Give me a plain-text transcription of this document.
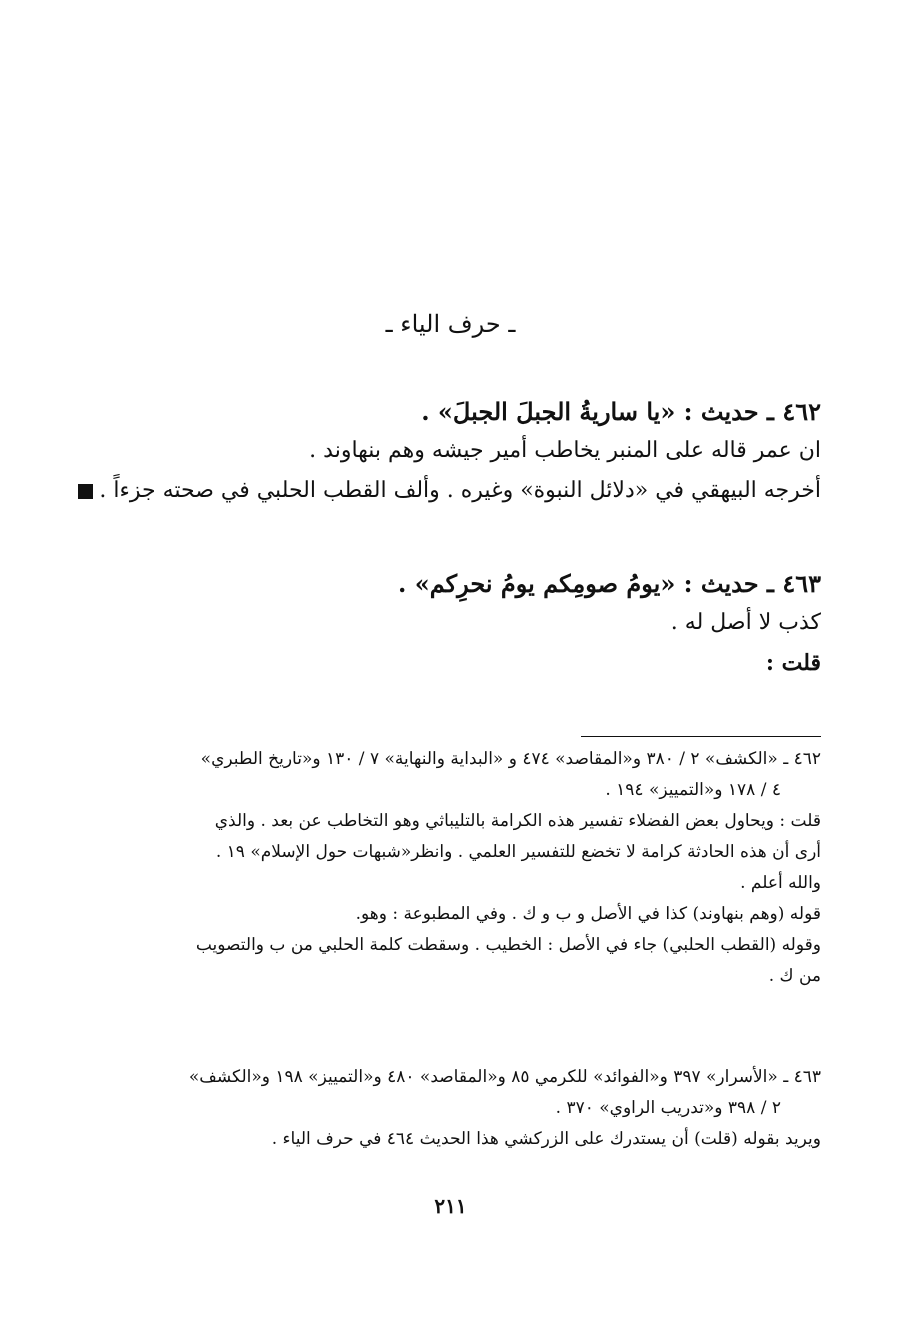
ـ حرف الياء ـ
٤٦٢ ـ حديث : «يا ساريةُ الجبلَ الجبلَ» .
ان عمر قاله على المنبر يخاطب أمير جيشه وهم بنهاوند .
أخرجه البيهقي في «دلائل النبوة» وغيره . وألف القطب الحلبي في صحته جزءاً .
٤٦٣ ـ حديث : «يومُ صومِكم يومُ نحرِكم» .
كذب لا أصل له .
قلت :
٤٦٢ ـ «الكشف» ٢ / ٣٨٠ و«المقاصد» ٤٧٤ و «البداية والنهاية» ٧ / ١٣٠ و«تاريخ الطبري»
٤ / ١٧٨ و«التمييز» ١٩٤ .
قلت : ويحاول بعض الفضلاء تفسير هذه الكرامة بالتليباثي وهو التخاطب عن بعد . والذي
أرى أن هذه الحادثة كرامة لا تخضع للتفسير العلمي . وانظر«شبهات حول الإسلام» ١٩ .
والله أعلم .
قوله (وهم بنهاوند) كذا في الأصل و ب و ك . وفي المطبوعة : وهو.
وقوله (القطب الحلبي) جاء في الأصل : الخطيب . وسقطت كلمة الحلبي من ب والتصويب
من ك .
٤٦٣ ـ «الأسرار» ٣٩٧ و«الفوائد» للكرمي ٨٥ و«المقاصد» ٤٨٠ و«التمييز» ١٩٨ و«الكشف»
٢ / ٣٩٨ و«تدريب الراوي» ٣٧٠ .
ويريد بقوله (قلت) أن يستدرك على الزركشي هذا الحديث ٤٦٤ في حرف الياء .
٢١١
